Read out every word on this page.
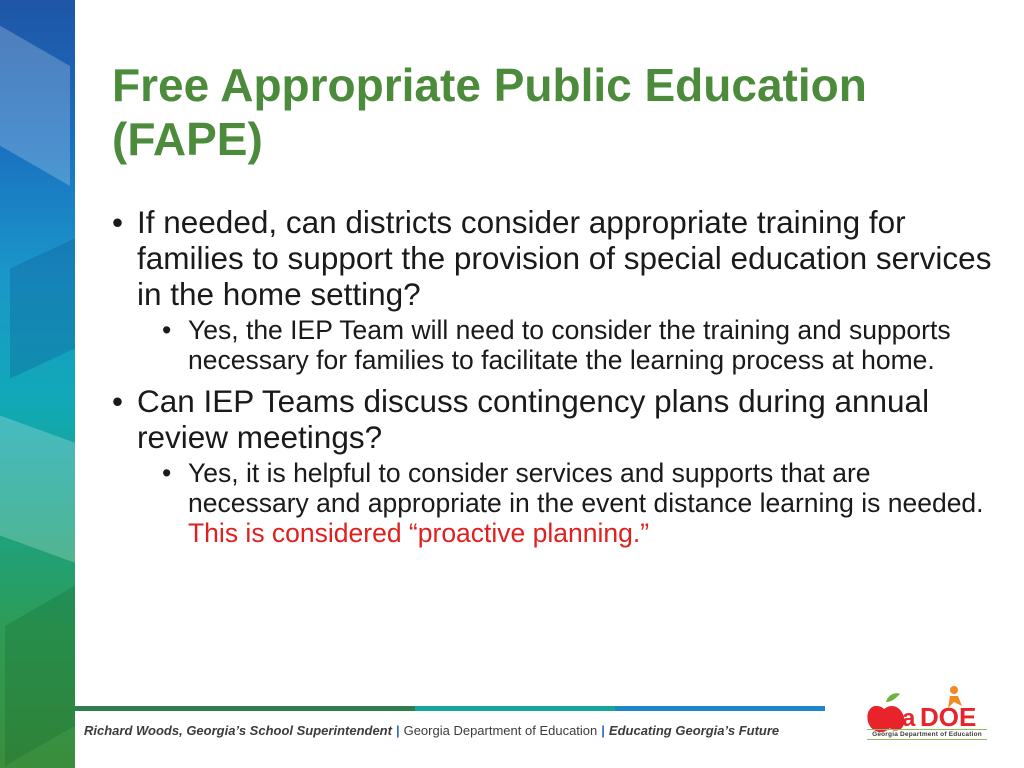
Free Appropriate Public Education
(FAPE)
• If needed, can districts consider appropriate training for families to support the provision of special education services in the home setting?
• Yes, the IEP Team will need to consider the training and supports necessary for families to facilitate the learning process at home.
• Can IEP Teams discuss contingency plans during annual review meetings?
• Yes, it is helpful to consider services and supports that are necessary and appropriate in the event distance learning is needed. This is considered “proactive planning.”
Richard Woods, Georgia’s School Superintendent | Georgia Department of Education | Educating Georgia’s Future	a DOE
Georgia Department of Education
